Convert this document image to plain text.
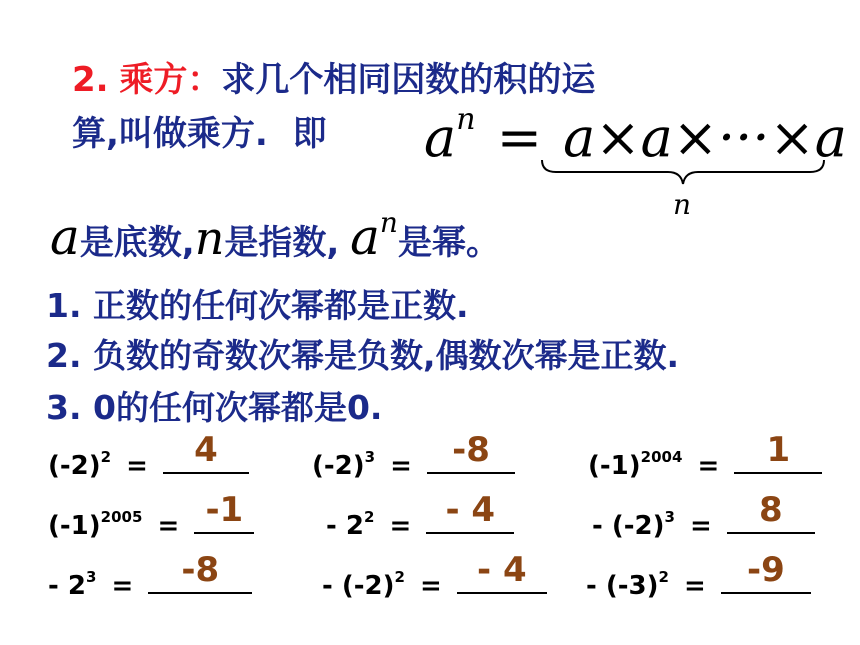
2. 乘方：求几个相同因数的积的运
算,叫做乘方. 即 $a^n = a\times a\times\cdot\cdot\cdot\times a$
n
a是底数,n是指数, $a^n$是幂。
1. 正数的任何次幂都是正数.
2. 负数的奇数次幂是负数,偶数次幂是正数.
3. 0的任何次幂都是0.
$(-2)^2$ =	4	$(-2)^3$ =	-8	$(-1)^{2004}$ =	1
$(-1)^{2005} = -1$	- $2^2$ =	- 4	- $(-2)^3$ =	8
- $2^3$ =	-8	- $(-2)^2$ =	- 4	- $(-3)^2$ =	-9
